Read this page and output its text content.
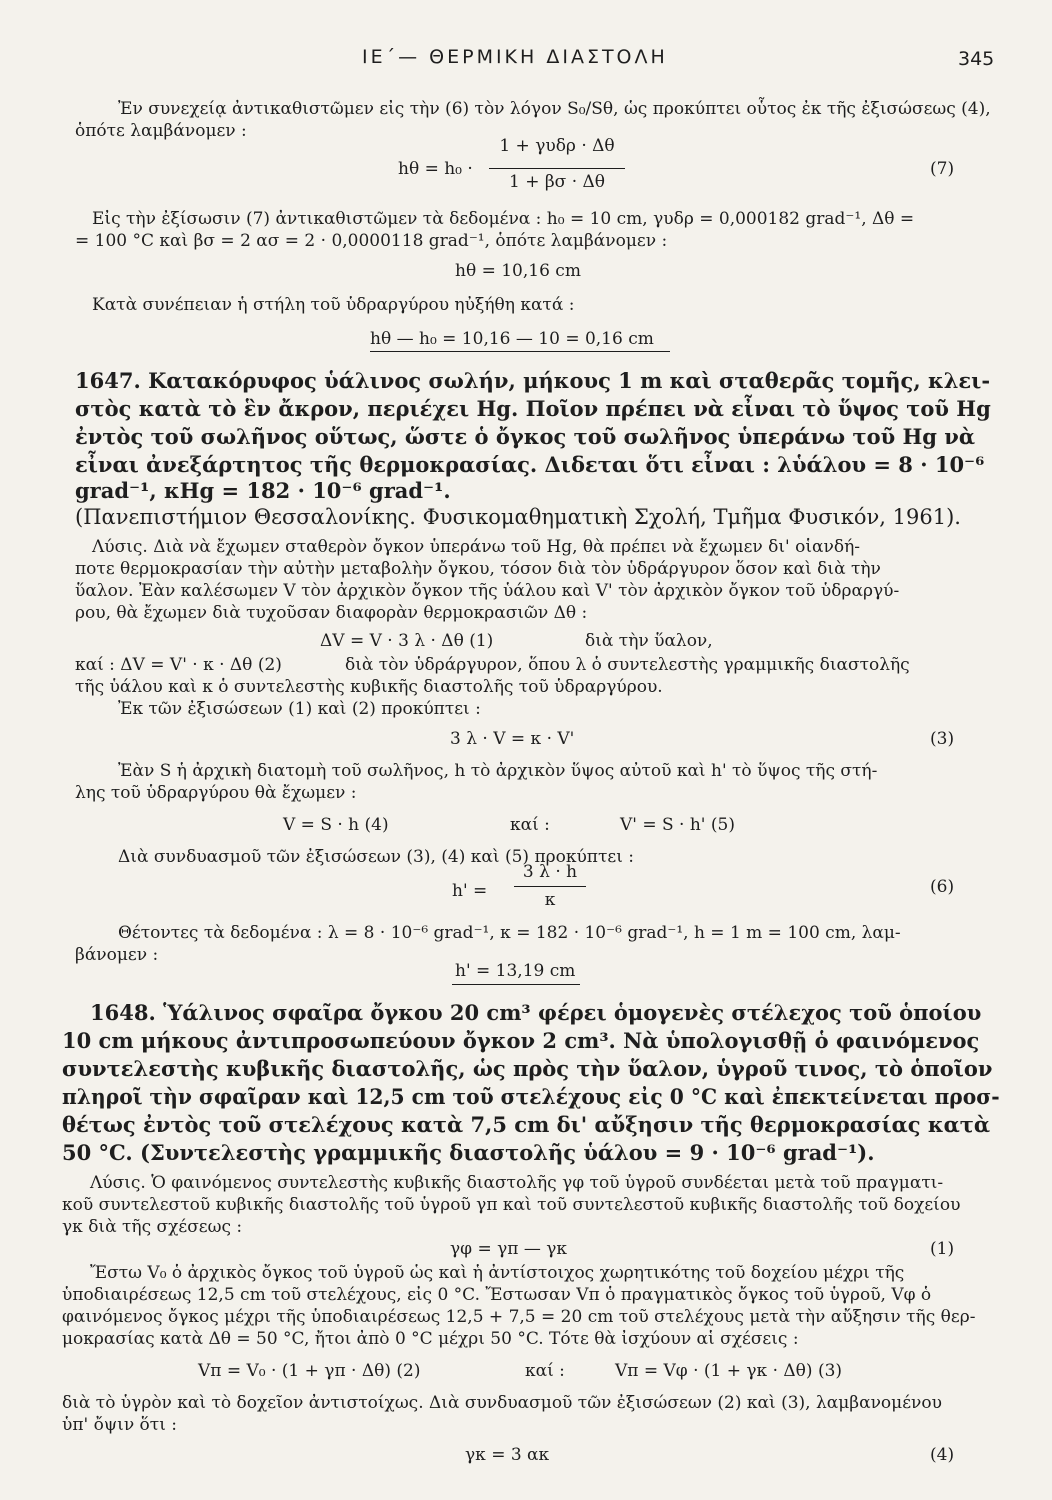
ΙΕ΄— ΘΕΡΜΙΚΗ ΔΙΑΣΤΟΛΗ	345
Ἐν συνεχείᾳ ἀντικαθιστῶμεν εἰς τὴν (6) τὸν λόγον S₀/Sθ, ὡς προκύπτει οὗτος ἐκ τῆς ἐξισώσεως (4),
ὁπότε λαμβάνομεν :
hθ = h₀ ·
1 + γυδρ · Δθ
1 + βσ · Δθ
(7)
Εἰς τὴν ἐξίσωσιν (7) ἀντικαθιστῶμεν τὰ δεδομένα : h₀ = 10 cm, γυδρ = 0,000182 grad⁻¹, Δθ =
= 100 °C καὶ βσ = 2 ασ = 2 · 0,0000118 grad⁻¹, ὁπότε λαμβάνομεν :
hθ = 10,16 cm
Κατὰ συνέπειαν ἡ στήλη τοῦ ὑδραργύρου ηὐξήθη κατά :
hθ — h₀ = 10,16 — 10 = 0,16 cm
1647. Κατακόρυφος ὑάλινος σωλήν, μήκους 1 m καὶ σταθερᾶς τομῆς, κλει-
στὸς κατὰ τὸ ἓν ἄκρον, περιέχει Hg. Ποῖον πρέπει νὰ εἶναι τὸ ὕψος τοῦ Hg
ἐντὸς τοῦ σωλῆνος οὕτως, ὥστε ὁ ὄγκος τοῦ σωλῆνος ὑπεράνω τοῦ Hg νὰ
εἶναι ἀνεξάρτητος τῆς θερμοκρασίας. Διδεται ὅτι εἶναι : λὑάλου = 8 · 10⁻⁶
grad⁻¹, κHg = 182 · 10⁻⁶ grad⁻¹.
(Πανεπιστήμιον Θεσσαλονίκης. Φυσικομαθηματικὴ Σχολή, Τμῆμα Φυσικόν, 1961).
Λύσις. Διὰ νὰ ἔχωμεν σταθερὸν ὄγκον ὑπεράνω τοῦ Hg, θὰ πρέπει νὰ ἔχωμεν δι' οἱανδή-
ποτε θερμοκρασίαν τὴν αὐτὴν μεταβολὴν ὄγκου, τόσον διὰ τὸν ὑδράργυρον ὅσον καὶ διὰ τὴν
ὕαλον. Ἐὰν καλέσωμεν V τὸν ἀρχικὸν ὄγκον τῆς ὑάλου καὶ V' τὸν ἀρχικὸν ὄγκον τοῦ ὑδραργύ-
ρου, θὰ ἔχωμεν διὰ τυχοῦσαν διαφορὰν θερμοκρασιῶν Δθ :
ΔV = V · 3 λ · Δθ (1)	διὰ τὴν ὕαλον,
καί : ΔV = V' · κ · Δθ (2)	διὰ τὸν ὑδράργυρον, ὅπου λ ὁ συντελεστὴς γραμμικῆς διαστολῆς
τῆς ὑάλου καὶ κ ὁ συντελεστὴς κυβικῆς διαστολῆς τοῦ ὑδραργύρου.
Ἐκ τῶν ἐξισώσεων (1) καὶ (2) προκύπτει :
3 λ · V = κ · V'	(3)
Ἐὰν S ἡ ἀρχικὴ διατομὴ τοῦ σωλῆνος, h τὸ ἀρχικὸν ὕψος αὐτοῦ καὶ h' τὸ ὕψος τῆς στή-
λης τοῦ ὑδραργύρου θὰ ἔχωμεν :
V = S · h (4)	καί :	V' = S · h' (5)
Διὰ συνδυασμοῦ τῶν ἐξισώσεων (3), (4) καὶ (5) προκύπτει :
h' =
3 λ · h
κ
(6)
Θέτοντες τὰ δεδομένα : λ = 8 · 10⁻⁶ grad⁻¹, κ = 182 · 10⁻⁶ grad⁻¹, h = 1 m = 100 cm, λαμ-
βάνομεν :
h' = 13,19 cm
1648. Ὑάλινος σφαῖρα ὄγκου 20 cm³ φέρει ὁμογενὲς στέλεχος τοῦ ὁποίου
10 cm μήκους ἀντιπροσωπεύουν ὄγκον 2 cm³. Νὰ ὑπολογισθῇ ὁ φαινόμενος
συντελεστὴς κυβικῆς διαστολῆς, ὡς πρὸς τὴν ὕαλον, ὑγροῦ τινος, τὸ ὁποῖον
πληροῖ τὴν σφαῖραν καὶ 12,5 cm τοῦ στελέχους εἰς 0 °C καὶ ἐπεκτείνεται προσ-
θέτως ἐντὸς τοῦ στελέχους κατὰ 7,5 cm δι' αὔξησιν τῆς θερμοκρασίας κατὰ
50 °C. (Συντελεστὴς γραμμικῆς διαστολῆς ὑάλου = 9 · 10⁻⁶ grad⁻¹).
Λύσις. Ὁ φαινόμενος συντελεστὴς κυβικῆς διαστολῆς γφ τοῦ ὑγροῦ συνδέεται μετὰ τοῦ πραγματι-
κοῦ συντελεστοῦ κυβικῆς διαστολῆς τοῦ ὑγροῦ γπ καὶ τοῦ συντελεστοῦ κυβικῆς διαστολῆς τοῦ δοχείου
γκ διὰ τῆς σχέσεως :
γφ = γπ — γκ	(1)
Ἔστω V₀ ὁ ἀρχικὸς ὄγκος τοῦ ὑγροῦ ὡς καὶ ἡ ἀντίστοιχος χωρητικότης τοῦ δοχείου μέχρι τῆς
ὑποδιαιρέσεως 12,5 cm τοῦ στελέχους, εἰς 0 °C. Ἔστωσαν Vπ ὁ πραγματικὸς ὄγκος τοῦ ὑγροῦ, Vφ ὁ
φαινόμενος ὄγκος μέχρι τῆς ὑποδιαιρέσεως 12,5 + 7,5 = 20 cm τοῦ στελέχους μετὰ τὴν αὔξησιν τῆς θερ-
μοκρασίας κατὰ Δθ = 50 °C, ἤτοι ἀπὸ 0 °C μέχρι 50 °C. Τότε θὰ ἰσχύουν αἱ σχέσεις :
Vπ = V₀ · (1 + γπ · Δθ) (2)	καί :	Vπ = Vφ · (1 + γκ · Δθ) (3)
διὰ τὸ ὑγρὸν καὶ τὸ δοχεῖον ἀντιστοίχως. Διὰ συνδυασμοῦ τῶν ἐξισώσεων (2) καὶ (3), λαμβανομένου
ὑπ' ὄψιν ὅτι :
γκ = 3 ακ	(4)
